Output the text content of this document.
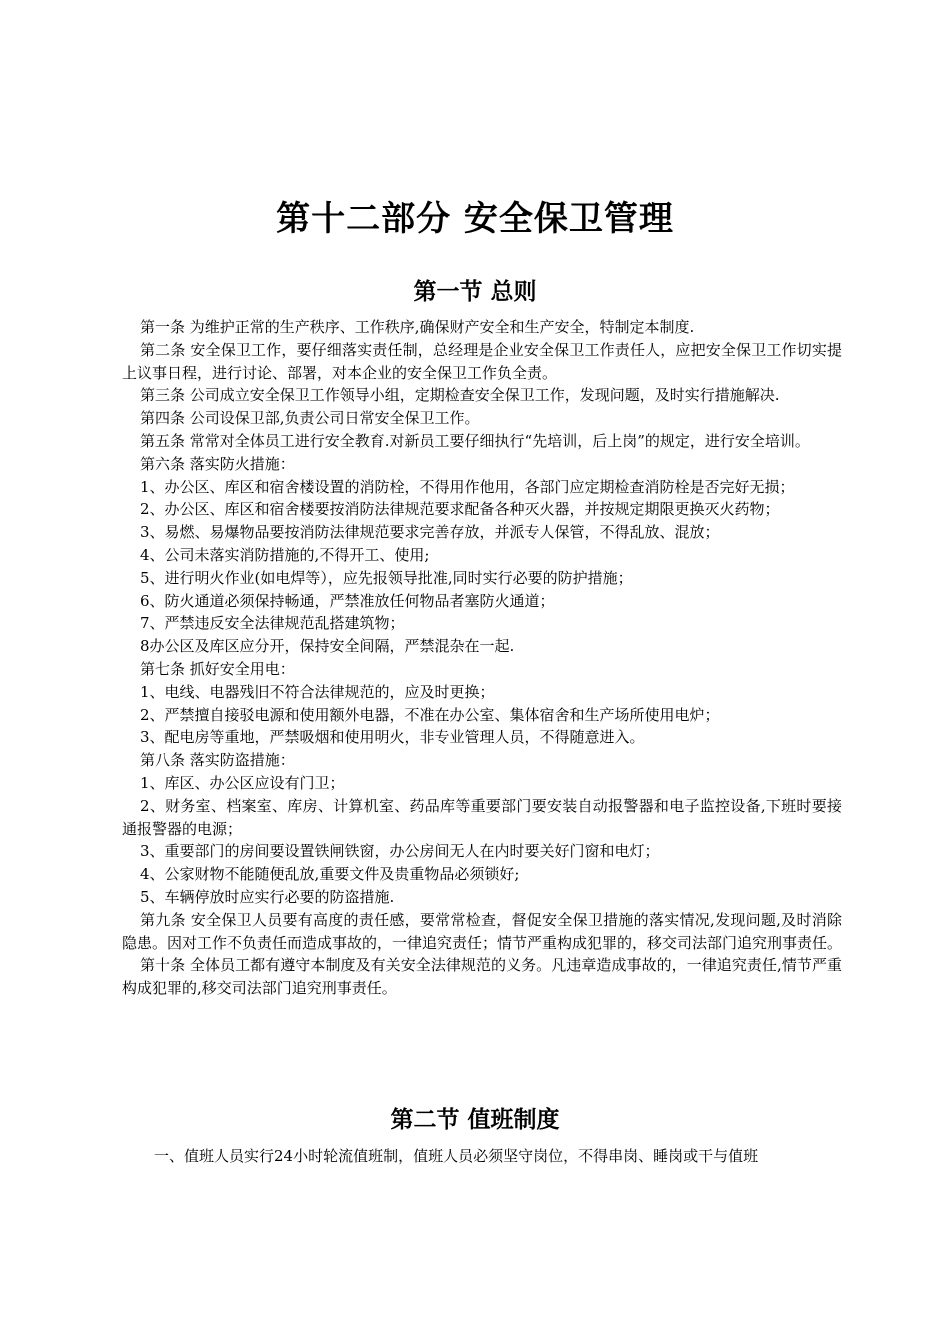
第十二部分 安全保卫管理
第一节 总则

第一条 为维护正常的生产秩序、工作秩序,确保财产安全和生产安全，特制定本制度.

第二条 安全保卫工作，要仔细落实责任制，总经理是企业安全保卫工作责任人，应把安全保卫工作切实提上议事日程，进行讨论、部署，对本企业的安全保卫工作负全责。

第三条 公司成立安全保卫工作领导小组，定期检查安全保卫工作，发现问题，及时实行措施解决.

第四条 公司设保卫部,负责公司日常安全保卫工作。

第五条 常常对全体员工进行安全教育.对新员工要仔细执行“先培训，后上岗”的规定，进行安全培训。

第六条 落实防火措施：

1、办公区、库区和宿舍楼设置的消防栓，不得用作他用，各部门应定期检查消防栓是否完好无损；

2、办公区、库区和宿舍楼要按消防法律规范要求配备各种灭火器，并按规定期限更换灭火药物；

3、易燃、易爆物品要按消防法律规范要求完善存放，并派专人保管，不得乱放、混放；

4、公司未落实消防措施的,不得开工、使用;

5、进行明火作业(如电焊等），应先报领导批准,同时实行必要的防护措施；

6、防火通道必须保持畅通，严禁准放任何物品者塞防火通道；

7、严禁违反安全法律规范乱搭建筑物；

8办公区及库区应分开，保持安全间隔，严禁混杂在一起.

第七条 抓好安全用电：

1、电线、电器残旧不符合法律规范的，应及时更换；

2、严禁擅自接驳电源和使用额外电器，不准在办公室、集体宿舍和生产场所使用电炉；

3、配电房等重地，严禁吸烟和使用明火，非专业管理人员，不得随意进入。

第八条 落实防盗措施：

1、库区、办公区应设有门卫；

2、财务室、档案室、库房、计算机室、药品库等重要部门要安装自动报警器和电子监控设备,下班时要接通报警器的电源；

3、重要部门的房间要设置铁闸铁窗，办公房间无人在内时要关好门窗和电灯；

4、公家财物不能随便乱放,重要文件及贵重物品必须锁好;

5、车辆停放时应实行必要的防盗措施.

第九条 安全保卫人员要有高度的责任感，要常常检查，督促安全保卫措施的落实情况,发现问题,及时消除隐患。因对工作不负责任而造成事故的，一律追究责任；情节严重构成犯罪的，移交司法部门追究刑事责任。

第十条 全体员工都有遵守本制度及有关安全法律规范的义务。凡违章造成事故的，一律追究责任,情节严重构成犯罪的,移交司法部门追究刑事责任。

第二节 值班制度

一、值班人员实行24小时轮流值班制，值班人员必须坚守岗位，不得串岗、睡岗或干与值班
